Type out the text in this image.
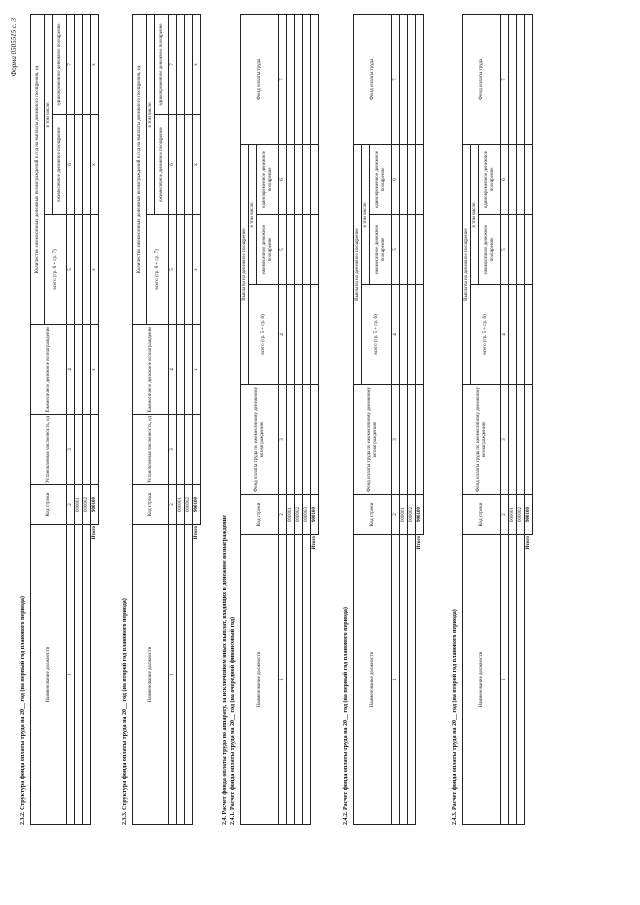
Форма 0505515 с. 3
2.3.2. Структура фонда оплаты труда на 20__ год (на первый год планового периода)	Наименование должности	Код строки	Установленная численность, ед	Ежемесячное денежное вознаграждение	Количество ежемесячных денежных вознаграждений в год на выплаты денежного поощрения, ед		
				всего (гр. 6 + гр. 7)	в том числе:	
					ежемесячное денежное поощрение	единовременное денежное поощрение
1	2	3	4	5	6	7
	000001					
	000002					
Итого	900100		x	x	x	x
2.3.3. Структура фонда оплаты труда на 20__ год (на второй год планового периода)	Наименование должности	Код строки	Установленная численность, ед	Ежемесячное денежное вознаграждение	Количество ежемесячных денежных вознаграждений в год на выплаты денежного поощрения, ед		
				всего (гр. 6 + гр. 7)	в том числе:	
					ежемесячное денежное поощрение	единовременное денежное поощрение
1	2	3	4	5	6	7
	000001					
	000002					
Итого	900100		x	x	x	x
2.4. Расчет фонда оплаты труда по аппарату, за исключением иных выплат, входящих в денежное вознаграждение 2.4.1. Расчет фонда оплаты труда на 20__ год (на очередной финансовый год)	Наименование должности	Код строки	Фонд оплаты труда по ежемесячному денежному вознаграждению	Выплаты на денежное поощрение			Фонд оплаты труда
			всего (гр. 5 + гр. 6)	в том числе:		
				ежемесячное денежное поощрение	единовременное денежное поощрение	
1	2	3	4	5	6	7
	000001					
	000002					
	000003					
Итого	900100					
2.4.2. Расчет фонда оплаты труда на 20__ год (на первый год планового периода)	Наименование должности	Код строки	Фонд оплаты труда по ежемесячному денежному вознаграждению	Выплаты на денежное поощрение			Фонд оплаты труда
			всего (гр. 5 + гр. 6)	в том числе:		
				ежемесячное денежное поощрение	единовременное денежное поощрение	
1	2	3	4	5	6	7
	000001					
	000002					
Итого	900100					
2.4.3. Расчет фонда оплаты труда на 20__ год (на второй год планового периода)	Наименование должности	Код строки	Фонд оплаты труда по ежемесячному денежному вознаграждению	Выплаты на денежное поощрение			Фонд оплаты труда
			всего (гр. 5 + гр. 6)	в том числе:		
				ежемесячное денежное поощрение	единовременное денежное поощрение	
1	2	3	4	5	6	7
	000001					
	000002					
Итого	900100					
